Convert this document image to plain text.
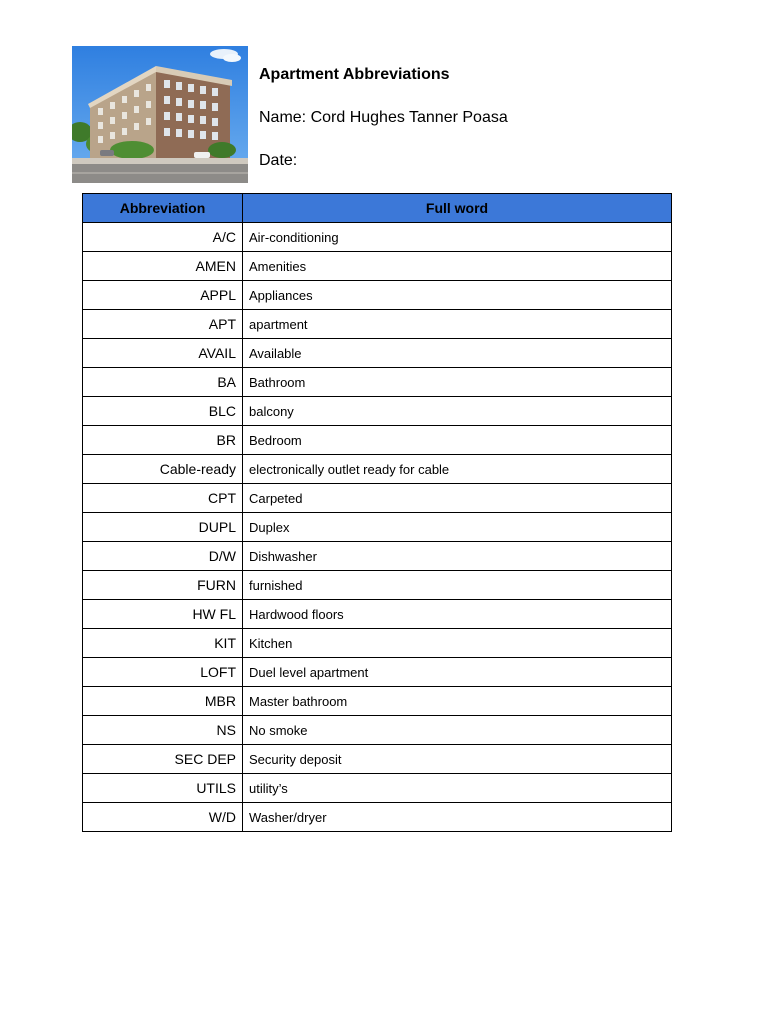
Apartment Abbreviations
Name: Cord Hughes Tanner Poasa
Date:
Abbreviation	Full word
A/C	Air-conditioning
AMEN	Amenities
APPL	Appliances
APT	apartment
AVAIL	Available
BA	Bathroom
BLC	balcony
BR	Bedroom
Cable-ready	electronically outlet ready for cable
CPT	Carpeted
DUPL	Duplex
D/W	Dishwasher
FURN	furnished
HW FL	Hardwood floors
KIT	Kitchen
LOFT	Duel level apartment
MBR	Master bathroom
NS	No smoke
SEC DEP	Security deposit
UTILS	utility’s
W/D	Washer/dryer
